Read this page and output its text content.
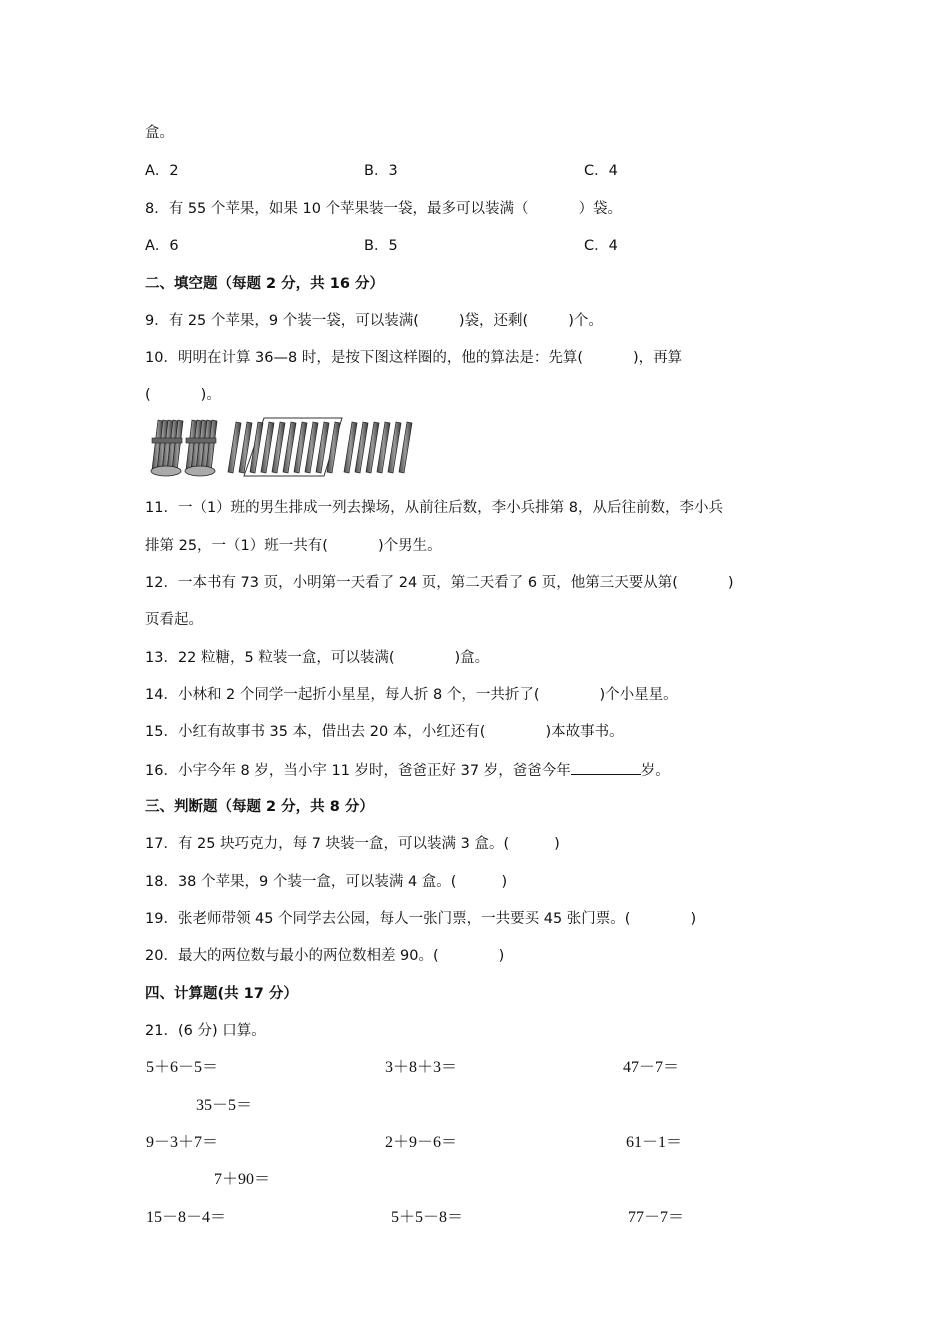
盒。
A．2	B．3	C．4
8．有 55 个苹果，如果 10 个苹果装一袋，最多可以装满（	）袋。
A．6	B．5	C．4
二、填空题（每题 2 分，共 16 分）
9．有 25 个苹果，9 个装一袋，可以装满(	)袋，还剩(	)个。
10．明明在计算 36—8 时，是按下图这样圈的，他的算法是：先算(	)，再算
(	)。
11．一（1）班的男生排成一列去操场，从前往后数，李小兵排第 8，从后往前数，李小兵
排第 25，一（1）班一共有(	)个男生。
12．一本书有 73 页，小明第一天看了 24 页，第二天看了 6 页，他第三天要从第(	)
页看起。
13．22 粒糖，5 粒装一盒，可以装满(	)盒。
14．小林和 2 个同学一起折小星星，每人折 8 个，一共折了(	)个小星星。
15．小红有故事书 35 本，借出去 20 本，小红还有(	)本故事书。
16．小宇今年 8 岁，当小宇 11 岁时，爸爸正好 37 岁，爸爸今年	岁。
三、判断题（每题 2 分，共 8 分）
17．有 25 块巧克力，每 7 块装一盒，可以装满 3 盒。(	)
18．38 个苹果，9 个装一盒，可以装满 4 盒。(	)
19．张老师带领 45 个同学去公园，每人一张门票，一共要买 45 张门票。(	)
20．最大的两位数与最小的两位数相差 90。(	)
四、计算题(共 17 分）
21．(6 分) 口算。
5＋6－5＝	3＋8＋3＝	47－7＝
35－5＝
9－3＋7＝	2＋9－6＝	61－1＝
7＋90＝
15－8－4＝	5＋5－8＝	77－7＝
